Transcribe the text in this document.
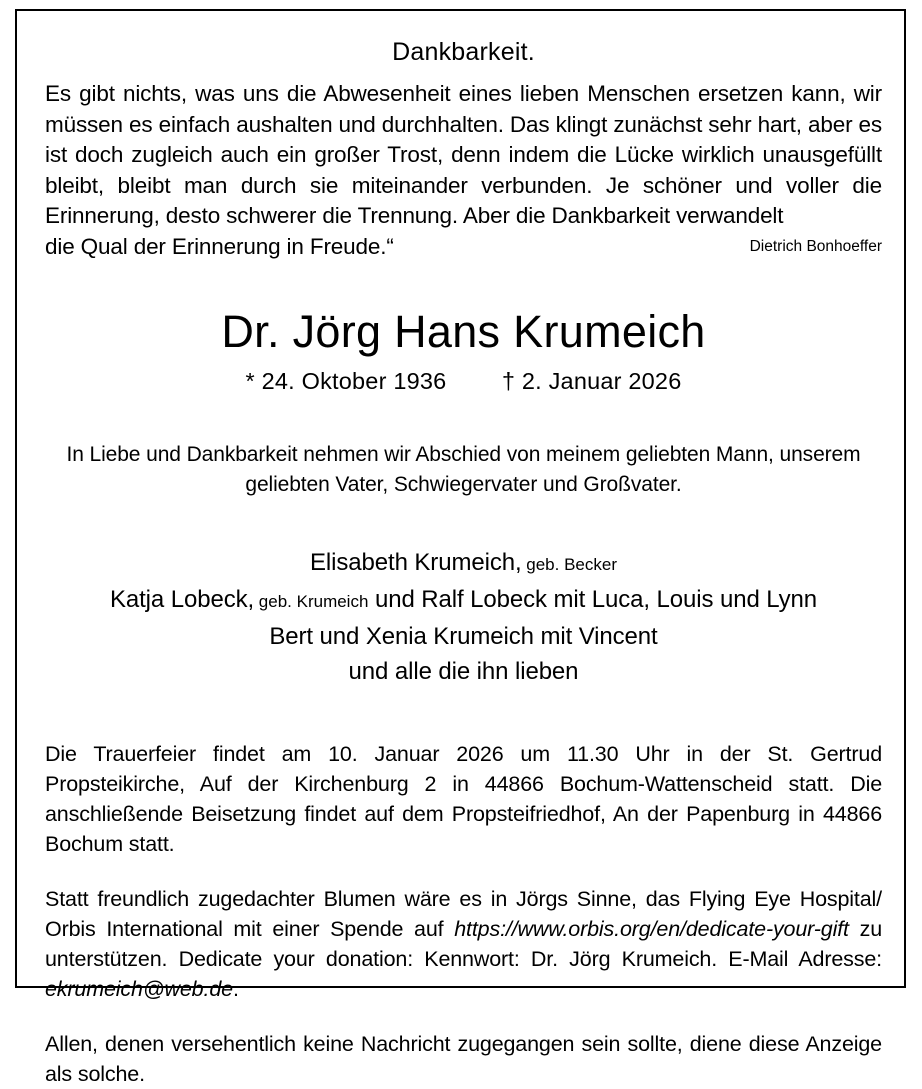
Dankbarkeit.
Es gibt nichts, was uns die Abwesenheit eines lieben Menschen ersetzen kann, wir müssen es einfach aushalten und durchhalten. Das klingt zunächst sehr hart, aber es ist doch zugleich auch ein großer Trost, denn indem die Lücke wirklich unausgefüllt bleibt, bleibt man durch sie miteinander verbunden. Je schöner und voller die Erinnerung, desto schwerer die Trennung. Aber die Dankbarkeit verwandelt
die Qual der Erinnerung in Freude.“	Dietrich Bonhoeffer
Dr. Jörg Hans Krumeich
* 24. Oktober 1936 † 2. Januar 2026
In Liebe und Dankbarkeit nehmen wir Abschied von meinem geliebten Mann, unserem geliebten Vater, Schwiegervater und Großvater.
Elisabeth Krumeich, geb. Becker
Katja Lobeck, geb. Krumeich und Ralf Lobeck mit Luca, Louis und Lynn
Bert und Xenia Krumeich mit Vincent
und alle die ihn lieben
Die Trauerfeier findet am 10. Januar 2026 um 11.30 Uhr in der St. Gertrud Propsteikirche, Auf der Kirchenburg 2 in 44866 Bochum-Wattenscheid statt. Die anschließende Beisetzung findet auf dem Propsteifriedhof, An der Papenburg in 44866 Bochum statt.
Statt freundlich zugedachter Blumen wäre es in Jörgs Sinne, das Flying Eye Hospital/ Orbis International mit einer Spende auf https://www.orbis.org/en/dedicate-your-gift zu unterstützen. Dedicate your donation: Kennwort: Dr. Jörg Krumeich. E-Mail Adresse: ekrumeich@web.de.
Allen, denen versehentlich keine Nachricht zugegangen sein sollte, diene diese Anzeige als solche.
